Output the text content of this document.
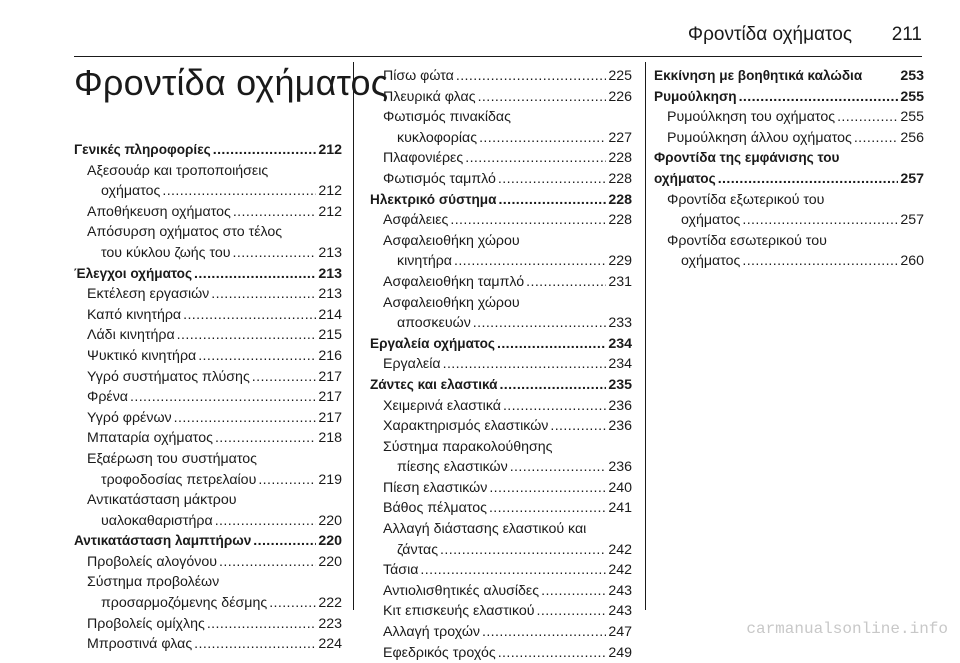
Φροντίδα οχήματος 211
Φροντίδα οχήματος
Γενικές πληροφορίες .....	212
Αξεσουάρ και τροποποιήσεις
οχήματος .....	212
Αποθήκευση οχήματος .....	212
Απόσυρση οχήματος στο τέλος
του κύκλου ζωής του .....	213
Έλεγχοι οχήματος .....	213
Εκτέλεση εργασιών .....	213
Καπό κινητήρα .....	214
Λάδι κινητήρα .....	215
Ψυκτικό κινητήρα .....	216
Υγρό συστήματος πλύσης .....	217
Φρένα .....	217
Υγρό φρένων .....	217
Μπαταρία οχήματος .....	218
Εξαέρωση του συστήματος
τροφοδοσίας πετρελαίου .....	219
Αντικατάσταση μάκτρου
υαλοκαθαριστήρα .....	220
Αντικατάσταση λαμπτήρων .....	220
Προβολείς αλογόνου .....	220
Σύστημα προβολέων
προσαρμοζόμενης δέσμης .....	222
Προβολείς ομίχλης .....	223
Μπροστινά φλας .....	224
Πίσω φώτα .....	225
Πλευρικά φλας .....	226
Φωτισμός πινακίδας
κυκλοφορίας .....	227
Πλαφονιέρες .....	228
Φωτισμός ταμπλό .....	228
Ηλεκτρικό σύστημα .....	228
Ασφάλειες .....	228
Ασφαλειοθήκη χώρου
κινητήρα .....	229
Ασφαλειοθήκη ταμπλό .....	231
Ασφαλειοθήκη χώρου
αποσκευών .....	233
Εργαλεία οχήματος .....	234
Εργαλεία .....	234
Ζάντες και ελαστικά .....	235
Χειμερινά ελαστικά .....	236
Χαρακτηρισμός ελαστικών .....	236
Σύστημα παρακολούθησης
πίεσης ελαστικών .....	236
Πίεση ελαστικών .....	240
Βάθος πέλματος .....	241
Αλλαγή διάστασης ελαστικού και
ζάντας .....	242
Τάσια .....	242
Αντιολισθητικές αλυσίδες .....	243
Κιτ επισκευής ελαστικού .....	243
Αλλαγή τροχών .....	247
Εφεδρικός τροχός .....	249
Εκκίνηση με βοηθητικά καλώδια	253
Ρυμούλκηση .....	255
Ρυμούλκηση του οχήματος .....	255
Ρυμούλκηση άλλου οχήματος .....	256
Φροντίδα της εμφάνισης του
οχήματος .....	257
Φροντίδα εξωτερικού του
οχήματος .....	257
Φροντίδα εσωτερικού του
οχήματος .....	260
carmanualsonline.info
